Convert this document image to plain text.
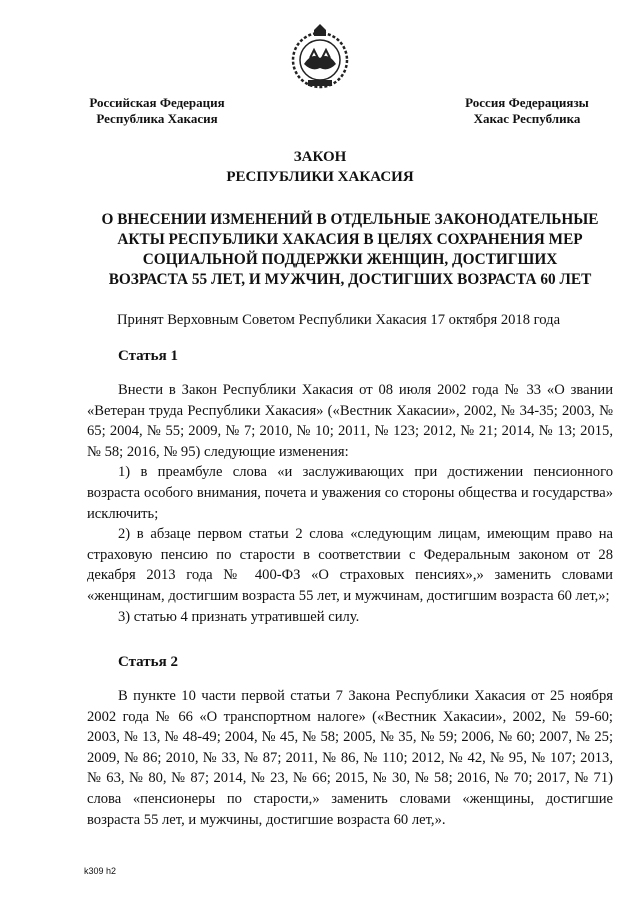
Российская Федерация
Республика Хакасия
Россия Федерациязы
Хакас Республика
ЗАКОН
РЕСПУБЛИКИ ХАКАСИЯ
О ВНЕСЕНИИ ИЗМЕНЕНИЙ В ОТДЕЛЬНЫЕ ЗАКОНОДАТЕЛЬНЫЕ
АКТЫ РЕСПУБЛИКИ ХАКАСИЯ В ЦЕЛЯХ СОХРАНЕНИЯ МЕР
СОЦИАЛЬНОЙ ПОДДЕРЖКИ ЖЕНЩИН, ДОСТИГШИХ
ВОЗРАСТА 55 ЛЕТ, И МУЖЧИН, ДОСТИГШИХ ВОЗРАСТА 60 ЛЕТ
Принят Верховным Советом Республики Хакасия 17 октября 2018 года
Статья 1

Внести в Закон Республики Хакасия от 08 июля 2002 года № 33 «О звании «Ветеран труда Республики Хакасия» («Вестник Хакасии», 2002, № 34-35; 2003, № 65; 2004, № 55; 2009, № 7; 2010, № 10; 2011, № 123; 2012, № 21; 2014, № 13; 2015, № 58; 2016, № 95) следующие изменения:

1) в преамбуле слова «и заслуживающих при достижении пенсионного возраста особого внимания, почета и уважения со стороны общества и государства» исключить;

2) в абзаце первом статьи 2 слова «следующим лицам, имеющим право на страховую пенсию по старости в соответствии с Федеральным законом от 28 декабря 2013 года № 400-ФЗ «О страховых пенсиях»,» заменить словами «женщинам, достигшим возраста 55 лет, и мужчинам, достигшим возраста 60 лет,»;

3) статью 4 признать утратившей силу.

Статья 2

В пункте 10 части первой статьи 7 Закона Республики Хакасия от 25 ноября 2002 года № 66 «О транспортном налоге» («Вестник Хакасии», 2002, № 59-60; 2003, № 13, № 48-49; 2004, № 45, № 58; 2005, № 35, № 59; 2006, № 60; 2007, № 25; 2009, № 86; 2010, № 33, № 87; 2011, № 86, № 110; 2012, № 42, № 95, № 107; 2013, № 63, № 80, № 87; 2014, № 23, № 66; 2015, № 30, № 58; 2016, № 70; 2017, № 71) слова «пенсионеры по старости,» заменить словами «женщины, достигшие возраста 55 лет, и мужчины, достигшие возраста 60 лет,».

k309 h2
